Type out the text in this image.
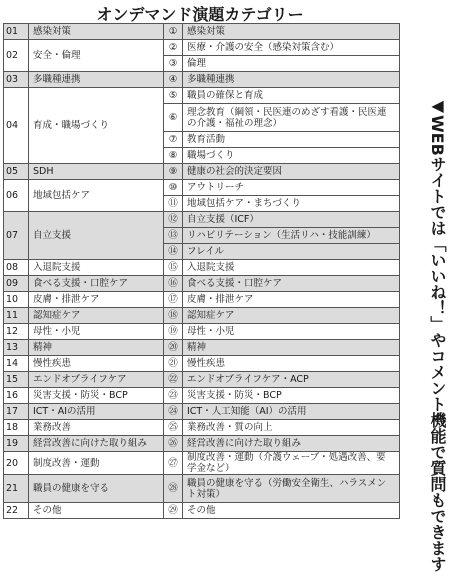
オンデマンド演題カテゴリー
01	感染対策	①	感染対策
02	安全・倫理	②	医療・介護の安全（感染対策含む）
		③	倫理
03	多職種連携	④	多職種連携
04	育成・職場づくり	⑤	職員の確保と育成
		⑥	理念教育（綱領・民医連のめざす看護・民医連の介護・福祉の理念）
		⑦	教育活動
		⑧	職場づくり
05	SDH	⑨	健康の社会的決定要因
06	地域包括ケア	⑩	アウトリーチ
		⑪	地域包括ケア・まちづくり
07	自立支援	⑫	自立支援（ICF）
		⑬	リハビリテーション（生活リハ・技能訓練）
		⑭	フレイル
08	入退院支援	⑮	入退院支援
09	食べる支援・口腔ケア	⑯	食べる支援・口腔ケア
10	皮膚・排泄ケア	⑰	皮膚・排泄ケア
11	認知症ケア	⑱	認知症ケア
12	母性・小児	⑲	母性・小児
13	精神	⑳	精神
14	慢性疾患	㉑	慢性疾患
15	エンドオブライフケア	㉒	エンドオブライフケア・ACP
16	災害支援・防災・BCP	㉓	災害支援・防災・BCP
17	ICT・AIの活用	㉔	ICT・人工知能（AI）の活用
18	業務改善	㉕	業務改善・質の向上
19	経営改善に向けた取り組み	㉖	経営改善に向けた取り組み
20	制度改善・運動	㉗	制度改善・運動（介護ウェーブ・処遇改善、要学金など）
21	職員の健康を守る	㉘	職員の健康を守る（労働安全衛生、ハラスメント対策）
22	その他	㉙	その他	◀WEBサイトでは「いいね！」やコメント機能で質問もできます
